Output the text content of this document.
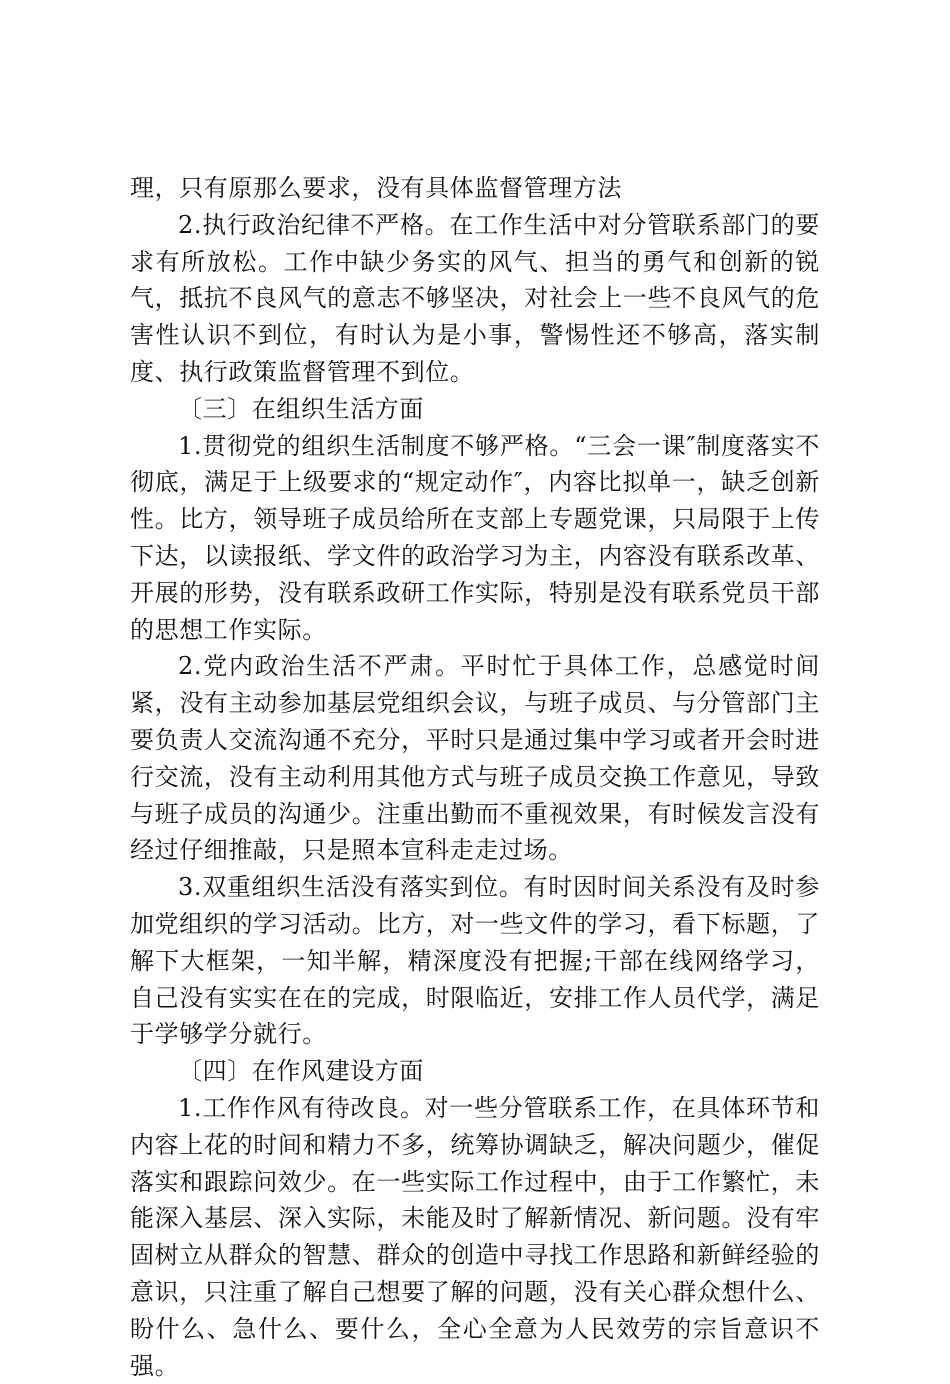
理，只有原那么要求，没有具体监督管理方法

2.执行政治纪律不严格。在工作生活中对分管联系部门的要求有所放松。工作中缺少务实的风气、担当的勇气和创新的锐气，抵抗不良风气的意志不够坚决，对社会上一些不良风气的危害性认识不到位，有时认为是小事，警惕性还不够高，落实制度、执行政策监督管理不到位。

〔三〕在组织生活方面

1.贯彻党的组织生活制度不够严格。“三会一课″制度落实不彻底，满足于上级要求的“规定动作″，内容比拟单一，缺乏创新性。比方，领导班子成员给所在支部上专题党课，只局限于上传下达，以读报纸、学文件的政治学习为主，内容没有联系改革、开展的形势，没有联系政研工作实际，特别是没有联系党员干部的思想工作实际。

2.党内政治生活不严肃。平时忙于具体工作，总感觉时间紧，没有主动参加基层党组织会议，与班子成员、与分管部门主要负责人交流沟通不充分，平时只是通过集中学习或者开会时进行交流，没有主动利用其他方式与班子成员交换工作意见，导致与班子成员的沟通少。注重出勤而不重视效果，有时候发言没有经过仔细推敲，只是照本宣科走走过场。

3.双重组织生活没有落实到位。有时因时间关系没有及时参加党组织的学习活动。比方，对一些文件的学习，看下标题，了解下大框架，一知半解，精深度没有把握;干部在线网络学习，自己没有实实在在的完成，时限临近，安排工作人员代学，满足于学够学分就行。

〔四〕在作风建设方面

1.工作作风有待改良。对一些分管联系工作，在具体环节和内容上花的时间和精力不多，统筹协调缺乏，解决问题少，催促落实和跟踪问效少。在一些实际工作过程中，由于工作繁忙，未能深入基层、深入实际，未能及时了解新情况、新问题。没有牢固树立从群众的智慧、群众的创造中寻找工作思路和新鲜经验的意识，只注重了解自己想要了解的问题，没有关心群众想什么、盼什么、急什么、要什么，全心全意为人民效劳的宗旨意识不强。
